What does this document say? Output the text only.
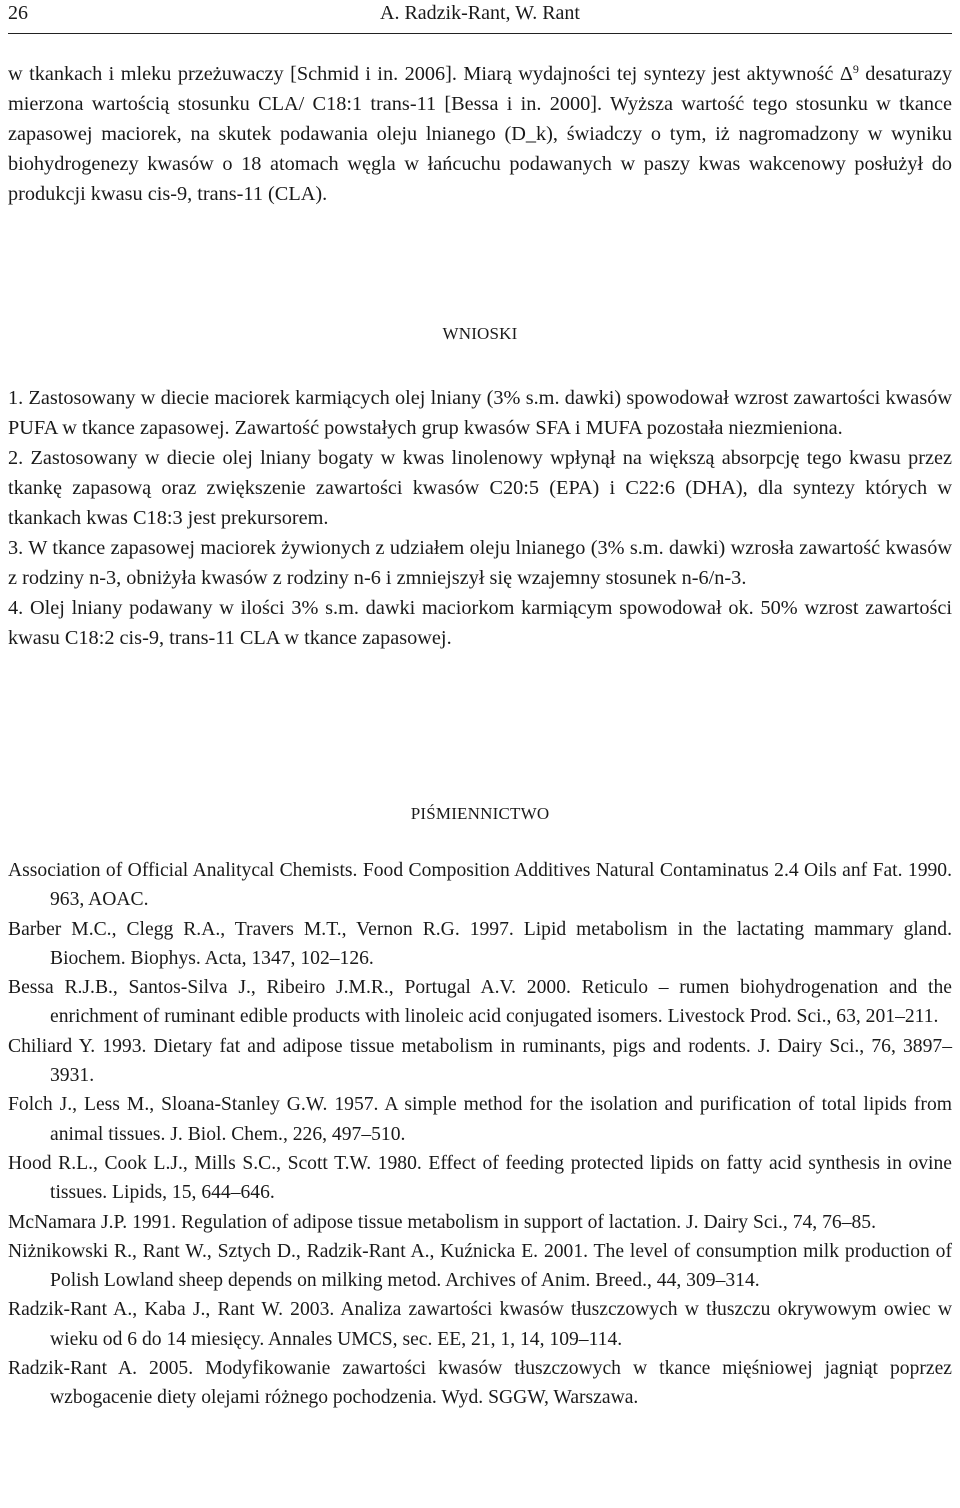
26	A. Radzik-Rant, W. Rant

w tkankach i mleku przeżuwaczy [Schmid i in. 2006]. Miarą wydajności tej syntezy jest aktywność $\Delta^9$ desaturazy mierzona wartością stosunku CLA/ C18:1 trans-11 [Bessa i in. 2000]. Wyższa wartość tego stosunku w tkance zapasowej maciorek, na skutek podawania oleju lnianego (D_k), świadczy o tym, iż nagromadzony w wyniku biohydrogenezy kwasów o 18 atomach węgla w łańcuchu podawanych w paszy kwas wakcenowy posłużył do produkcji kwasu cis-9, trans-11 (CLA).

WNIOSKI

1. Zastosowany w diecie maciorek karmiących olej lniany (3% s.m. dawki) spowodował wzrost zawartości kwasów PUFA w tkance zapasowej. Zawartość powstałych grup kwasów SFA i MUFA pozostała niezmieniona.

2. Zastosowany w diecie olej lniany bogaty w kwas linolenowy wpłynął na większą absorpcję tego kwasu przez tkankę zapasową oraz zwiększenie zawartości kwasów C20:5 (EPA) i C22:6 (DHA), dla syntezy których w tkankach kwas C18:3 jest prekursorem.

3. W tkance zapasowej maciorek żywionych z udziałem oleju lnianego (3% s.m. dawki) wzrosła zawartość kwasów z rodziny n-3, obniżyła kwasów z rodziny n-6 i zmniejszył się wzajemny stosunek n-6/n-3.

4. Olej lniany podawany w ilości 3% s.m. dawki maciorkom karmiącym spowodował ok. 50% wzrost zawartości kwasu C18:2 cis-9, trans-11 CLA w tkance zapasowej.

PIŚMIENNICTWO

Association of Official Analitycal Chemists. Food Composition Additives Natural Contaminatus 2.4 Oils anf Fat. 1990. 963, AOAC.

Barber M.C., Clegg R.A., Travers M.T., Vernon R.G. 1997. Lipid metabolism in the lactating mammary gland. Biochem. Biophys. Acta, 1347, 102–126.

Bessa R.J.B., Santos-Silva J., Ribeiro J.M.R., Portugal A.V. 2000. Reticulo – rumen biohydrogenation and the enrichment of ruminant edible products with linoleic acid conjugated isomers. Livestock Prod. Sci., 63, 201–211.

Chiliard Y. 1993. Dietary fat and adipose tissue metabolism in ruminants, pigs and rodents. J. Dairy Sci., 76, 3897–3931.

Folch J., Less M., Sloana-Stanley G.W. 1957. A simple method for the isolation and purification of total lipids from animal tissues. J. Biol. Chem., 226, 497–510.

Hood R.L., Cook L.J., Mills S.C., Scott T.W. 1980. Effect of feeding protected lipids on fatty acid synthesis in ovine tissues. Lipids, 15, 644–646.

McNamara J.P. 1991. Regulation of adipose tissue metabolism in support of lactation. J. Dairy Sci., 74, 76–85.

Niżnikowski R., Rant W., Sztych D., Radzik-Rant A., Kuźnicka E. 2001. The level of consumption milk production of Polish Lowland sheep depends on milking metod. Archives of Anim. Breed., 44, 309–314.

Radzik-Rant A., Kaba J., Rant W. 2003. Analiza zawartości kwasów tłuszczowych w tłuszczu okrywowym owiec w wieku od 6 do 14 miesięcy. Annales UMCS, sec. EE, 21, 1, 14, 109–114.

Radzik-Rant A. 2005. Modyfikowanie zawartości kwasów tłuszczowych w tkance mięśniowej jagniąt poprzez wzbogacenie diety olejami różnego pochodzenia. Wyd. SGGW, Warszawa.
